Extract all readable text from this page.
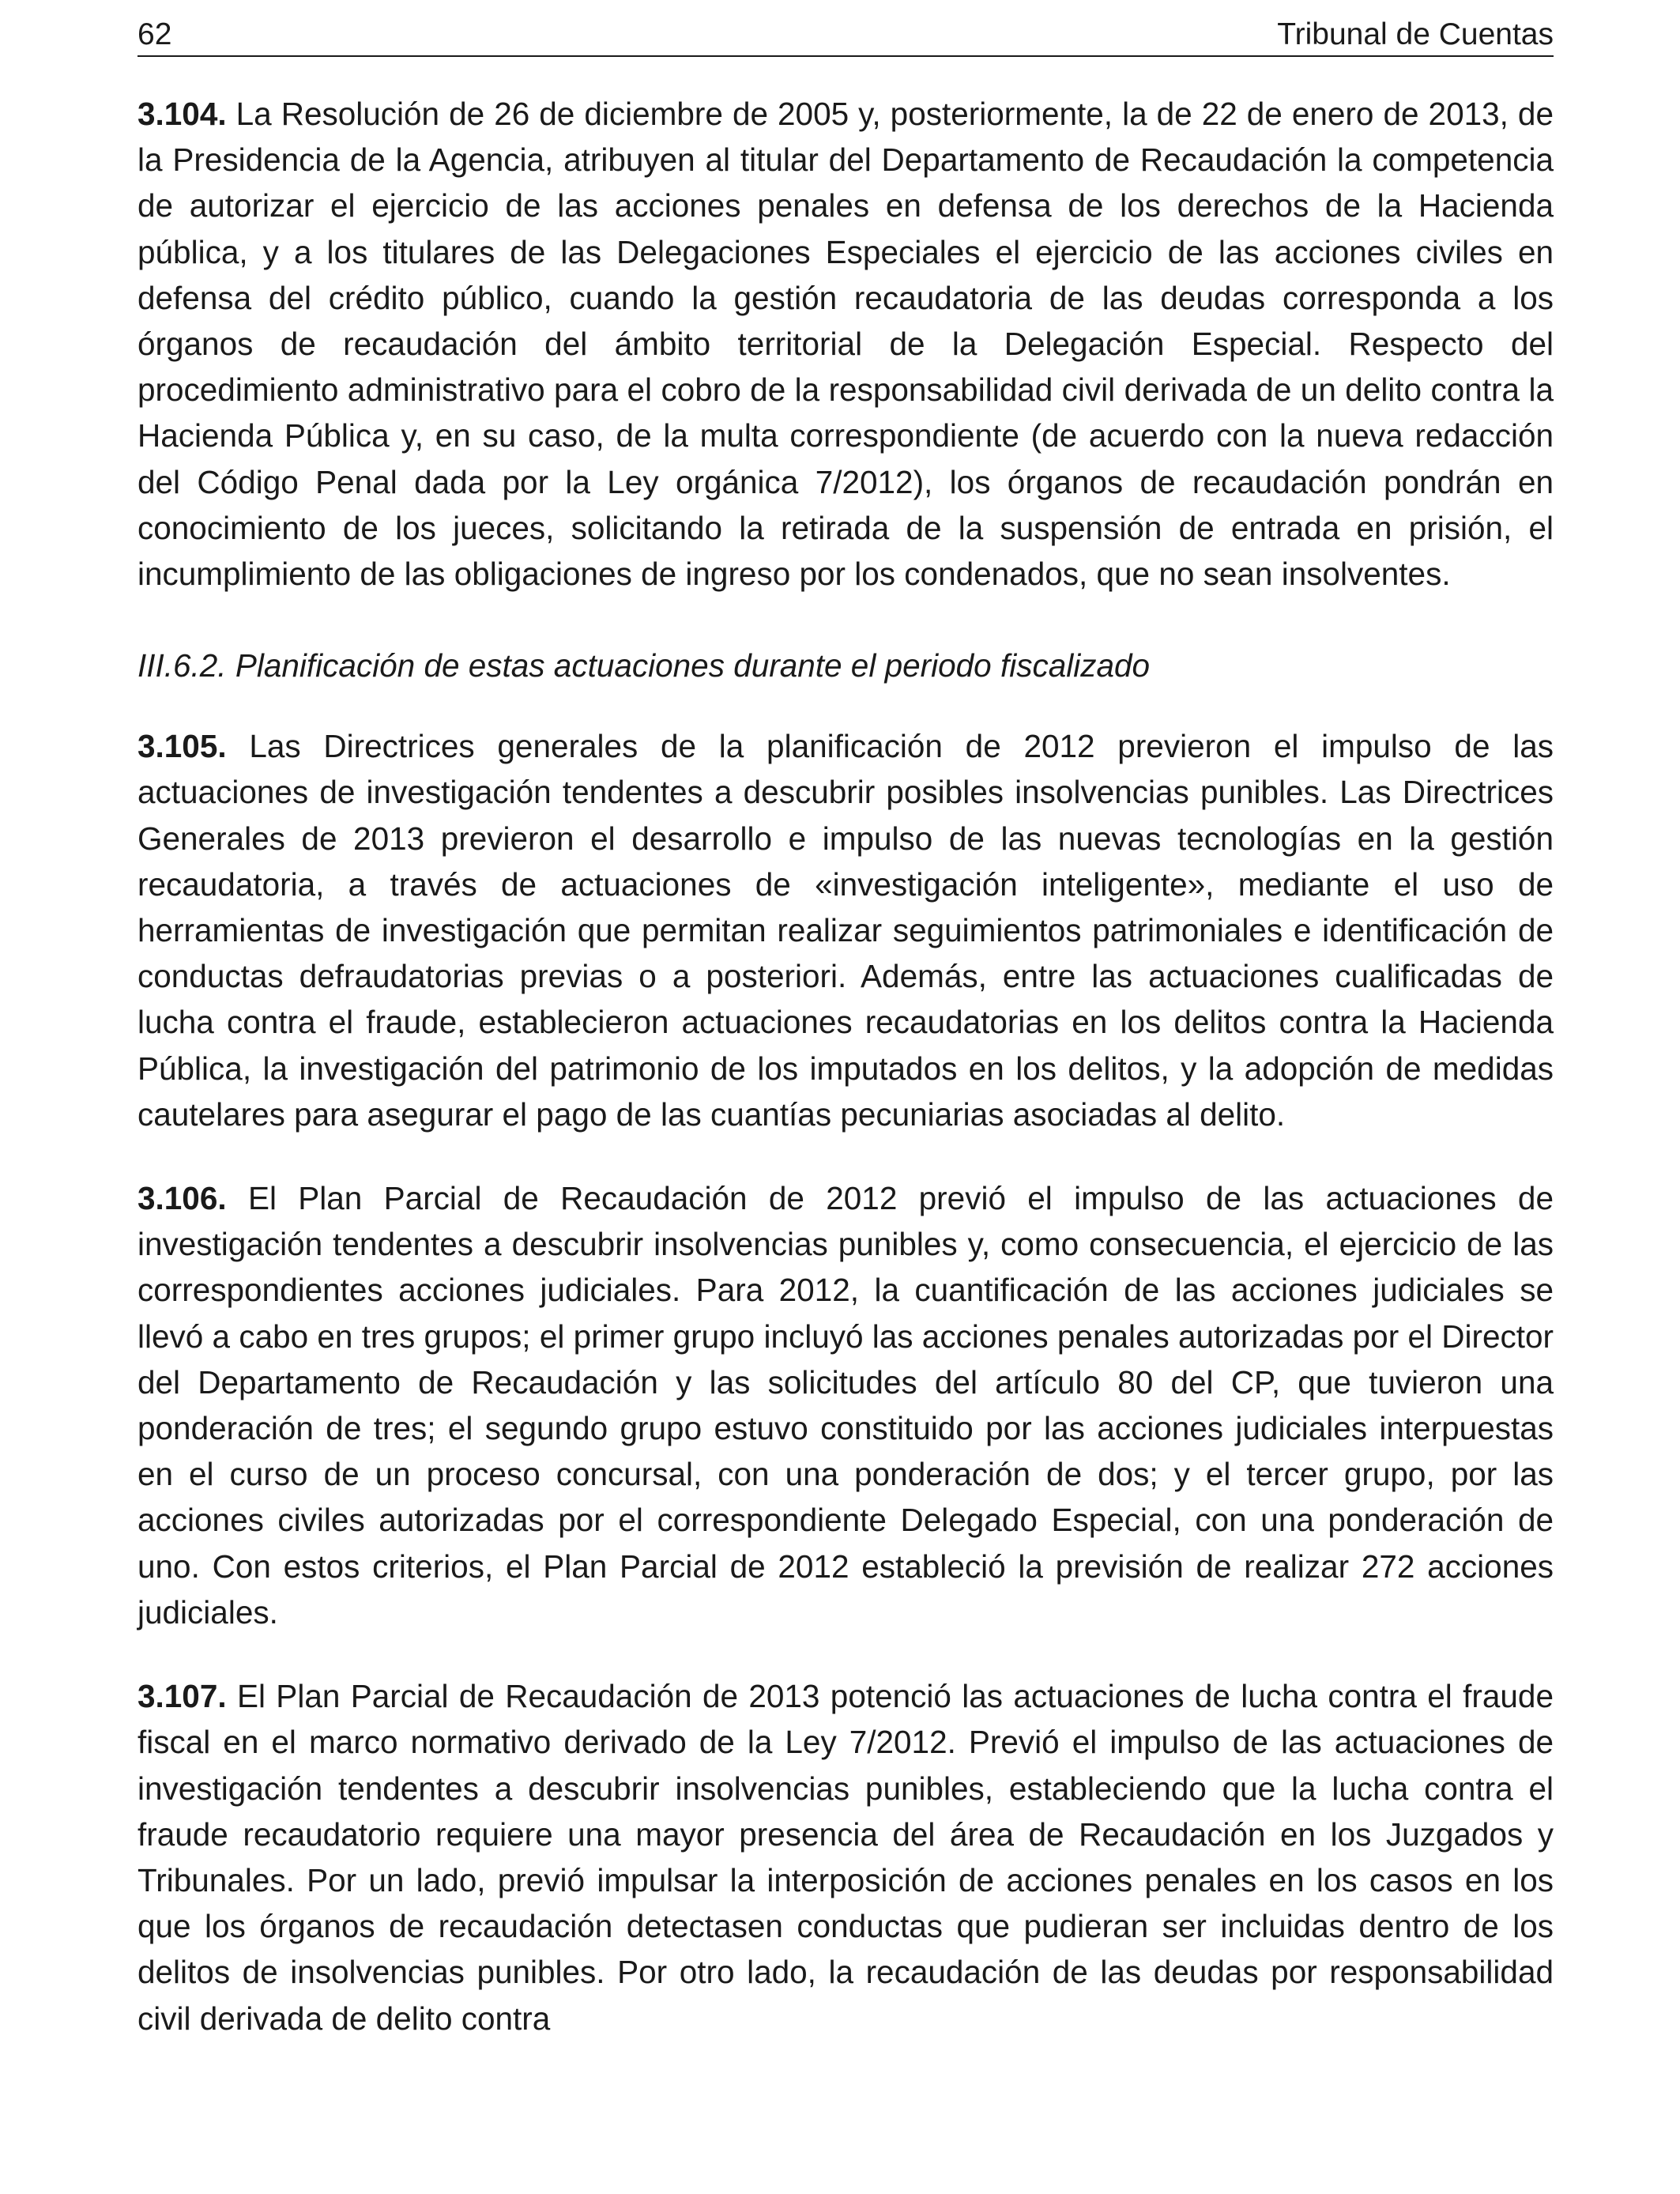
62	Tribunal de Cuentas

3.104. La Resolución de 26 de diciembre de 2005 y, posteriormente, la de 22 de enero de 2013, de la Presidencia de la Agencia, atribuyen al titular del Departamento de Recaudación la competencia de autorizar el ejercicio de las acciones penales en defensa de los derechos de la Hacienda pública, y a los titulares de las Delegaciones Especiales el ejercicio de las acciones civiles en defensa del crédito público, cuando la gestión recaudatoria de las deudas corresponda a los órganos de recaudación del ámbito territorial de la Delegación Especial. Respecto del procedimiento administrativo para el cobro de la responsabilidad civil derivada de un delito contra la Hacienda Pública y, en su caso, de la multa correspondiente (de acuerdo con la nueva redacción del Código Penal dada por la Ley orgánica 7/2012), los órganos de recaudación pondrán en conocimiento de los jueces, solicitando la retirada de la suspensión de entrada en prisión, el incumplimiento de las obligaciones de ingreso por los condenados, que no sean insolventes.

III.6.2. Planificación de estas actuaciones durante el periodo fiscalizado

3.105. Las Directrices generales de la planificación de 2012 previeron el impulso de las actuaciones de investigación tendentes a descubrir posibles insolvencias punibles. Las Directrices Generales de 2013 previeron el desarrollo e impulso de las nuevas tecnologías en la gestión recaudatoria, a través de actuaciones de «investigación inteligente», mediante el uso de herramientas de investigación que permitan realizar seguimientos patrimoniales e identificación de conductas defraudatorias previas o a posteriori. Además, entre las actuaciones cualificadas de lucha contra el fraude, establecieron actuaciones recaudatorias en los delitos contra la Hacienda Pública, la investigación del patrimonio de los imputados en los delitos, y la adopción de medidas cautelares para asegurar el pago de las cuantías pecuniarias asociadas al delito.

3.106. El Plan Parcial de Recaudación de 2012 previó el impulso de las actuaciones de investigación tendentes a descubrir insolvencias punibles y, como consecuencia, el ejercicio de las correspondientes acciones judiciales. Para 2012, la cuantificación de las acciones judiciales se llevó a cabo en tres grupos; el primer grupo incluyó las acciones penales autorizadas por el Director del Departamento de Recaudación y las solicitudes del artículo 80 del CP, que tuvieron una ponderación de tres; el segundo grupo estuvo constituido por las acciones judiciales interpuestas en el curso de un proceso concursal, con una ponderación de dos; y el tercer grupo, por las acciones civiles autorizadas por el correspondiente Delegado Especial, con una ponderación de uno. Con estos criterios, el Plan Parcial de 2012 estableció la previsión de realizar 272 acciones judiciales.

3.107. El Plan Parcial de Recaudación de 2013 potenció las actuaciones de lucha contra el fraude fiscal en el marco normativo derivado de la Ley 7/2012. Previó el impulso de las actuaciones de investigación tendentes a descubrir insolvencias punibles, estableciendo que la lucha contra el fraude recaudatorio requiere una mayor presencia del área de Recaudación en los Juzgados y Tribunales. Por un lado, previó impulsar la interposición de acciones penales en los casos en los que los órganos de recaudación detectasen conductas que pudieran ser incluidas dentro de los delitos de insolvencias punibles. Por otro lado, la recaudación de las deudas por responsabilidad civil derivada de delito contra
